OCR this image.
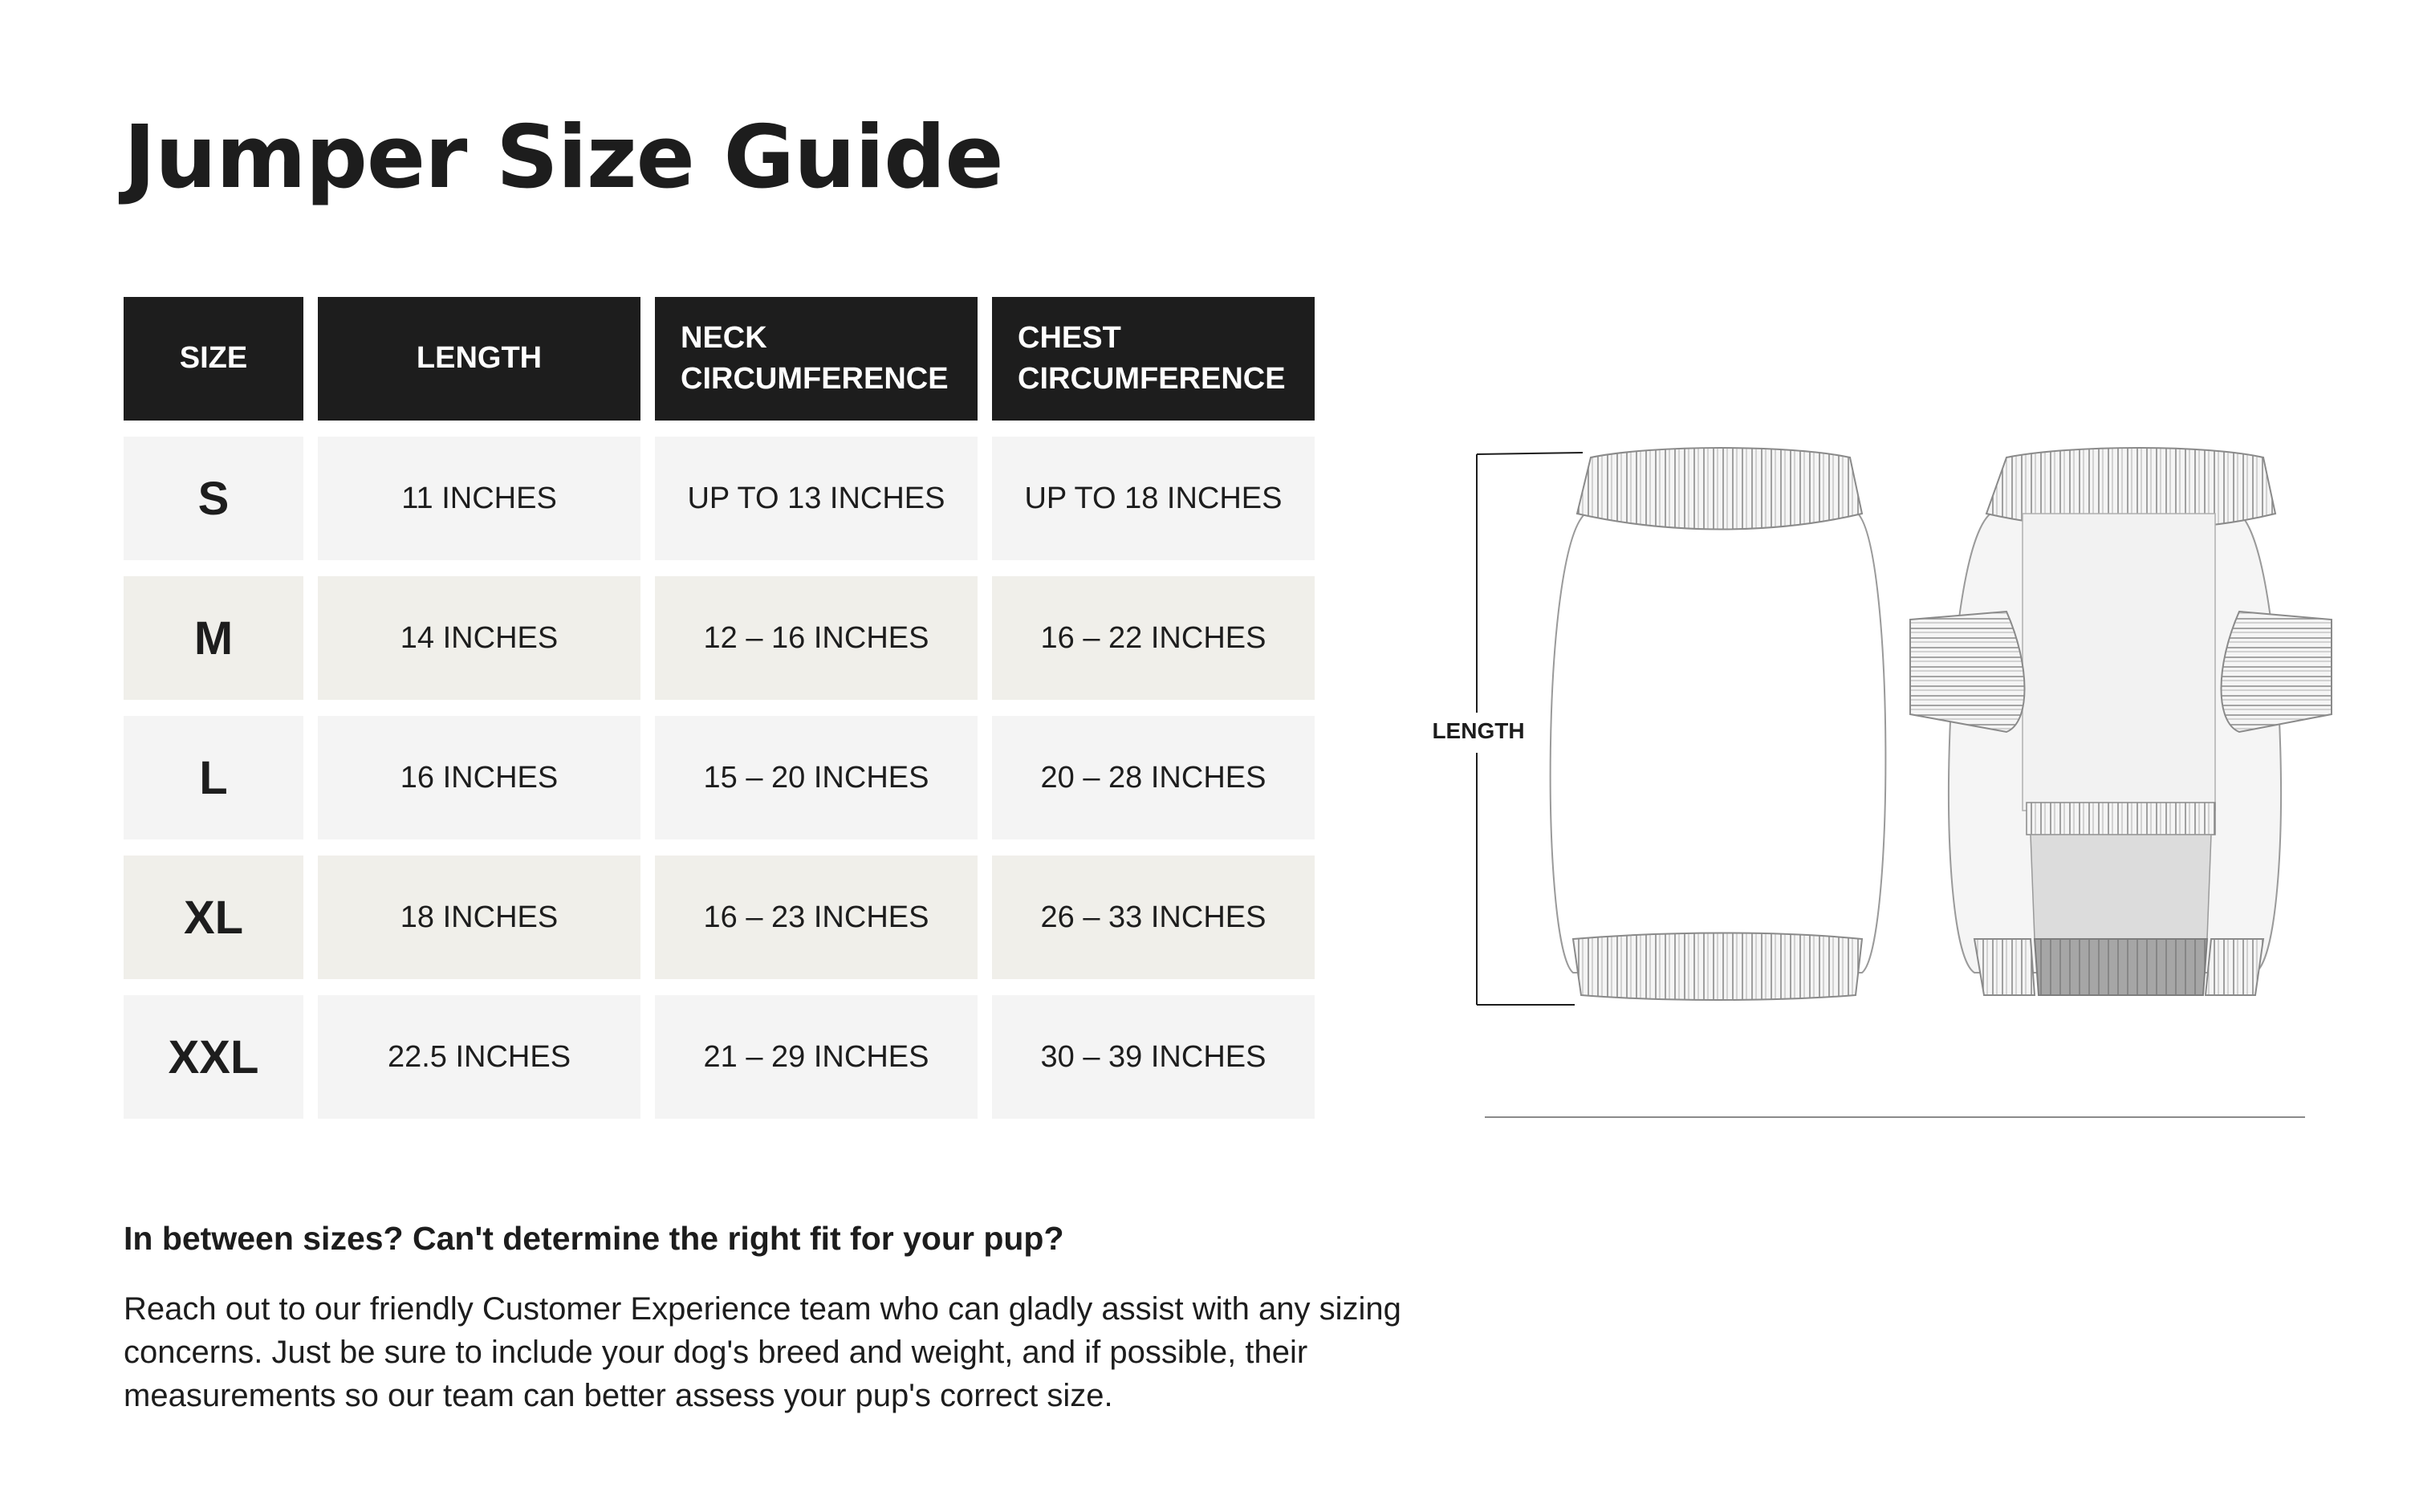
Jumper Size Guide
SIZE	LENGTH	NECK CIRCUMFERENCE	CHEST CIRCUMFERENCE
S	11 INCHES	UP TO 13 INCHES	UP TO 18 INCHES
M	14 INCHES	12 – 16 INCHES	16 – 22 INCHES
L	16 INCHES	15 – 20 INCHES	20 – 28 INCHES
XL	18 INCHES	16 – 23 INCHES	26 – 33 INCHES
XXL	22.5 INCHES	21 – 29 INCHES	30 – 39 INCHES
LENGTH
In between sizes? Can't determine the right fit for your pup?

Reach out to our friendly Customer Experience team who can gladly assist with any sizing concerns. Just be sure to include your dog's breed and weight, and if possible, their measurements so our team can better assess your pup's correct size.
